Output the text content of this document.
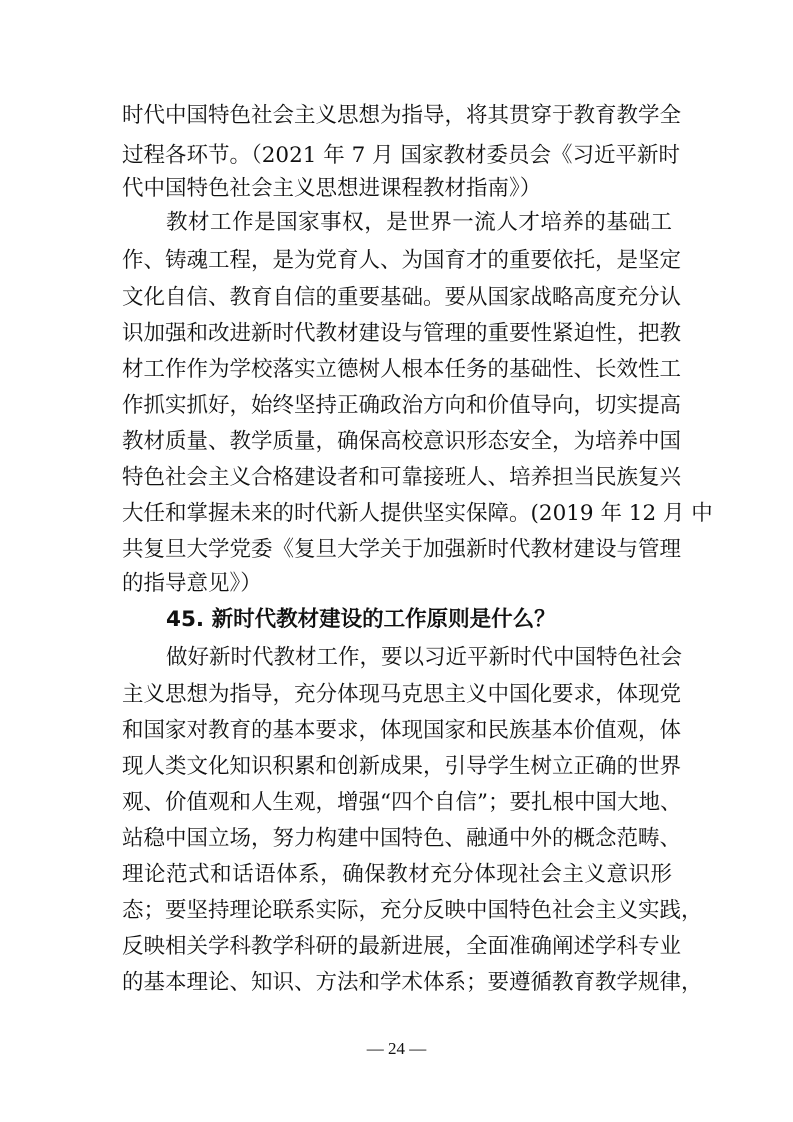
时代中国特色社会主义思想为指导，将其贯穿于教育教学全
过程各环节。（2021 年 7 月 国家教材委员会《习近平新时
代中国特色社会主义思想进课程教材指南》）
教材工作是国家事权，是世界一流人才培养的基础工
作、铸魂工程，是为党育人、为国育才的重要依托，是坚定
文化自信、教育自信的重要基础。要从国家战略高度充分认
识加强和改进新时代教材建设与管理的重要性紧迫性，把教
材工作作为学校落实立德树人根本任务的基础性、长效性工
作抓实抓好，始终坚持正确政治方向和价值导向，切实提高
教材质量、教学质量，确保高校意识形态安全，为培养中国
特色社会主义合格建设者和可靠接班人、培养担当民族复兴
大任和掌握未来的时代新人提供坚实保障。(2019 年 12 月 中
共复旦大学党委《复旦大学关于加强新时代教材建设与管理
的指导意见》）
45. 新时代教材建设的工作原则是什么？
做好新时代教材工作，要以习近平新时代中国特色社会
主义思想为指导，充分体现马克思主义中国化要求，体现党
和国家对教育的基本要求，体现国家和民族基本价值观，体
现人类文化知识积累和创新成果，引导学生树立正确的世界
观、价值观和人生观，增强“四个自信”；要扎根中国大地、
站稳中国立场，努力构建中国特色、融通中外的概念范畴、
理论范式和话语体系，确保教材充分体现社会主义意识形
态；要坚持理论联系实际，充分反映中国特色社会主义实践，
反映相关学科教学科研的最新进展，全面准确阐述学科专业
的基本理论、知识、方法和学术体系；要遵循教育教学规律，
— 24 —
